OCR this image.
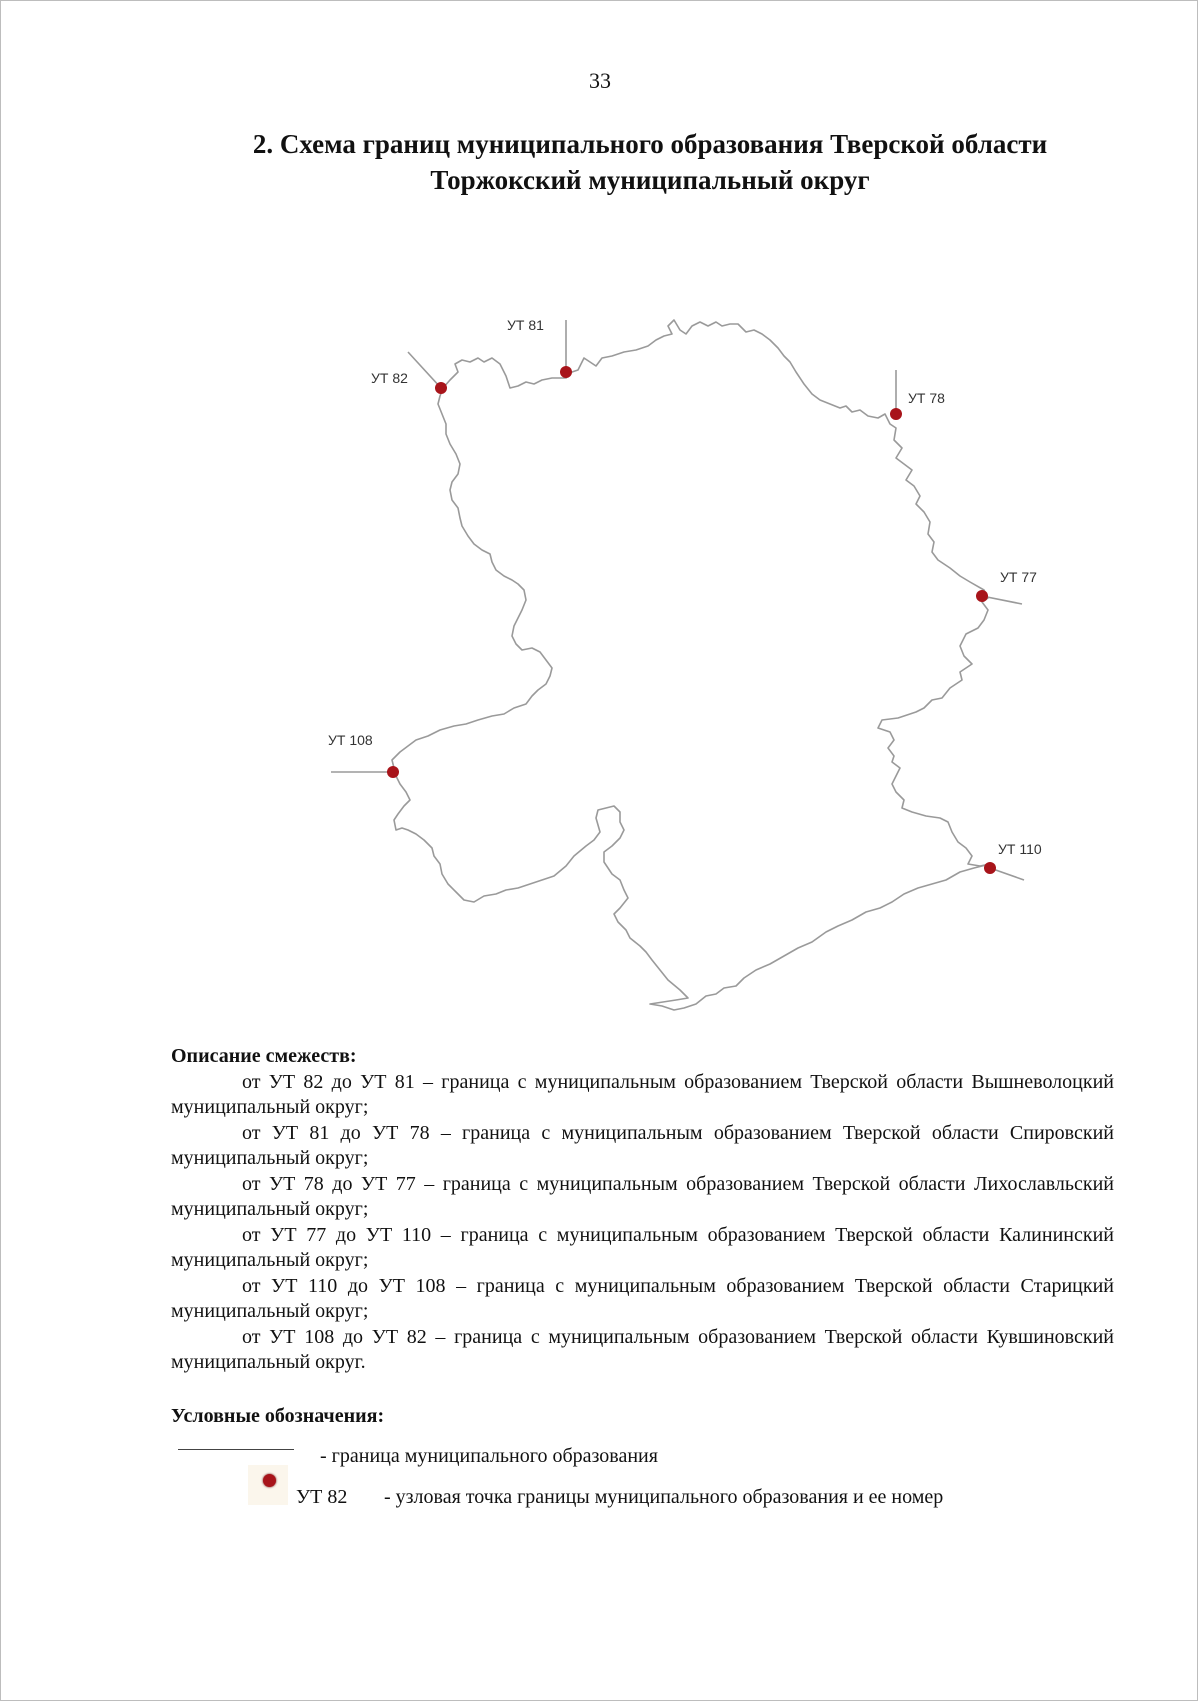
33
2. Схема границ муниципального образования Тверской области
Торжокский муниципальный округ
УТ 82
УТ 81
УТ 78
УТ 77
УТ 108
УТ 110

Описание смежеств:

от УТ 82 до УТ 81 – граница с муниципальным образованием Тверской области Вышневолоцкий муниципальный округ;

от УТ 81 до УТ 78 – граница с муниципальным образованием Тверской области Спировский муниципальный округ;

от УТ 78 до УТ 77 – граница с муниципальным образованием Тверской области Лихославльский муниципальный округ;

от УТ 77 до УТ 110 – граница с муниципальным образованием Тверской области Калининский муниципальный округ;

от УТ 110 до УТ 108 – граница с муниципальным образованием Тверской области Старицкий муниципальный округ;

от УТ 108 до УТ 82 – граница с муниципальным образованием Тверской области Кувшиновский муниципальный округ.

Условные обозначения:

- граница муниципального образования
УТ 82 - узловая точка границы муниципального образования и ее номер
